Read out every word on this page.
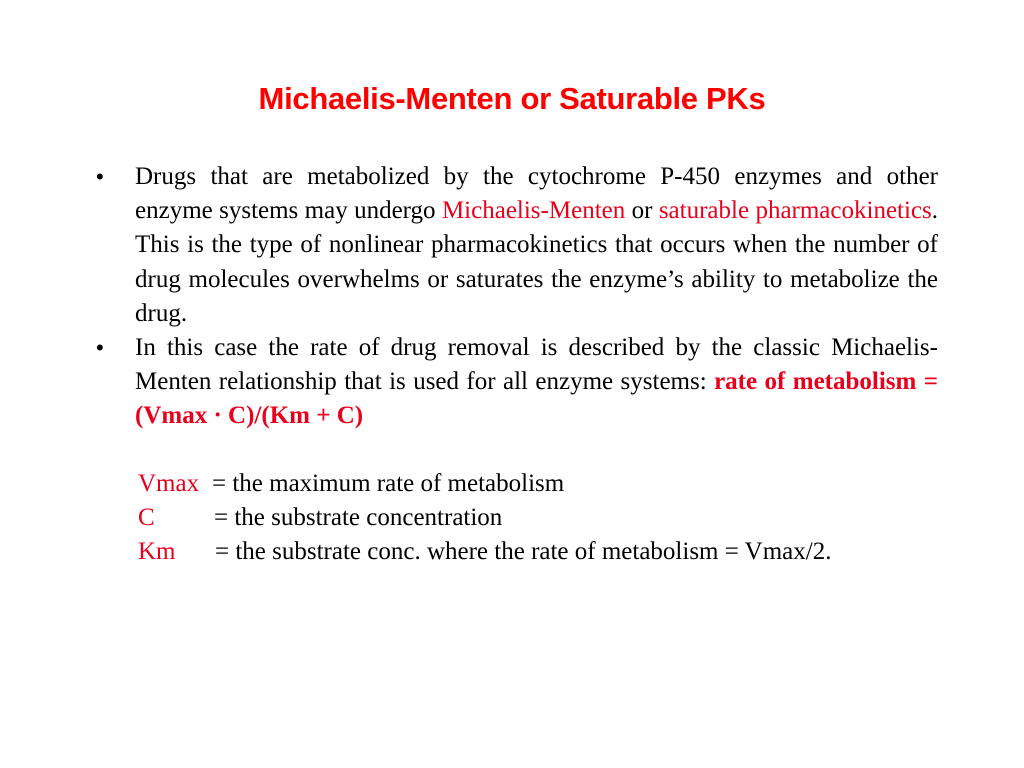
Michaelis-Menten or Saturable PKs
• Drugs that are metabolized by the cytochrome P-450 enzymes and other enzyme systems may undergo Michaelis-Menten or saturable pharmacokinetics. This is the type of nonlinear pharmacokinetics that occurs when the number of drug molecules overwhelms or saturates the enzyme’s ability to metabolize the drug.
• In this case the rate of drug removal is described by the classic Michaelis- Menten relationship that is used for all enzyme systems: rate of metabolism = (Vmax · C)/(Km + C)
Vmax = the maximum rate of metabolism
C = the substrate concentration
Km = the substrate conc. where the rate of metabolism = Vmax/2.
